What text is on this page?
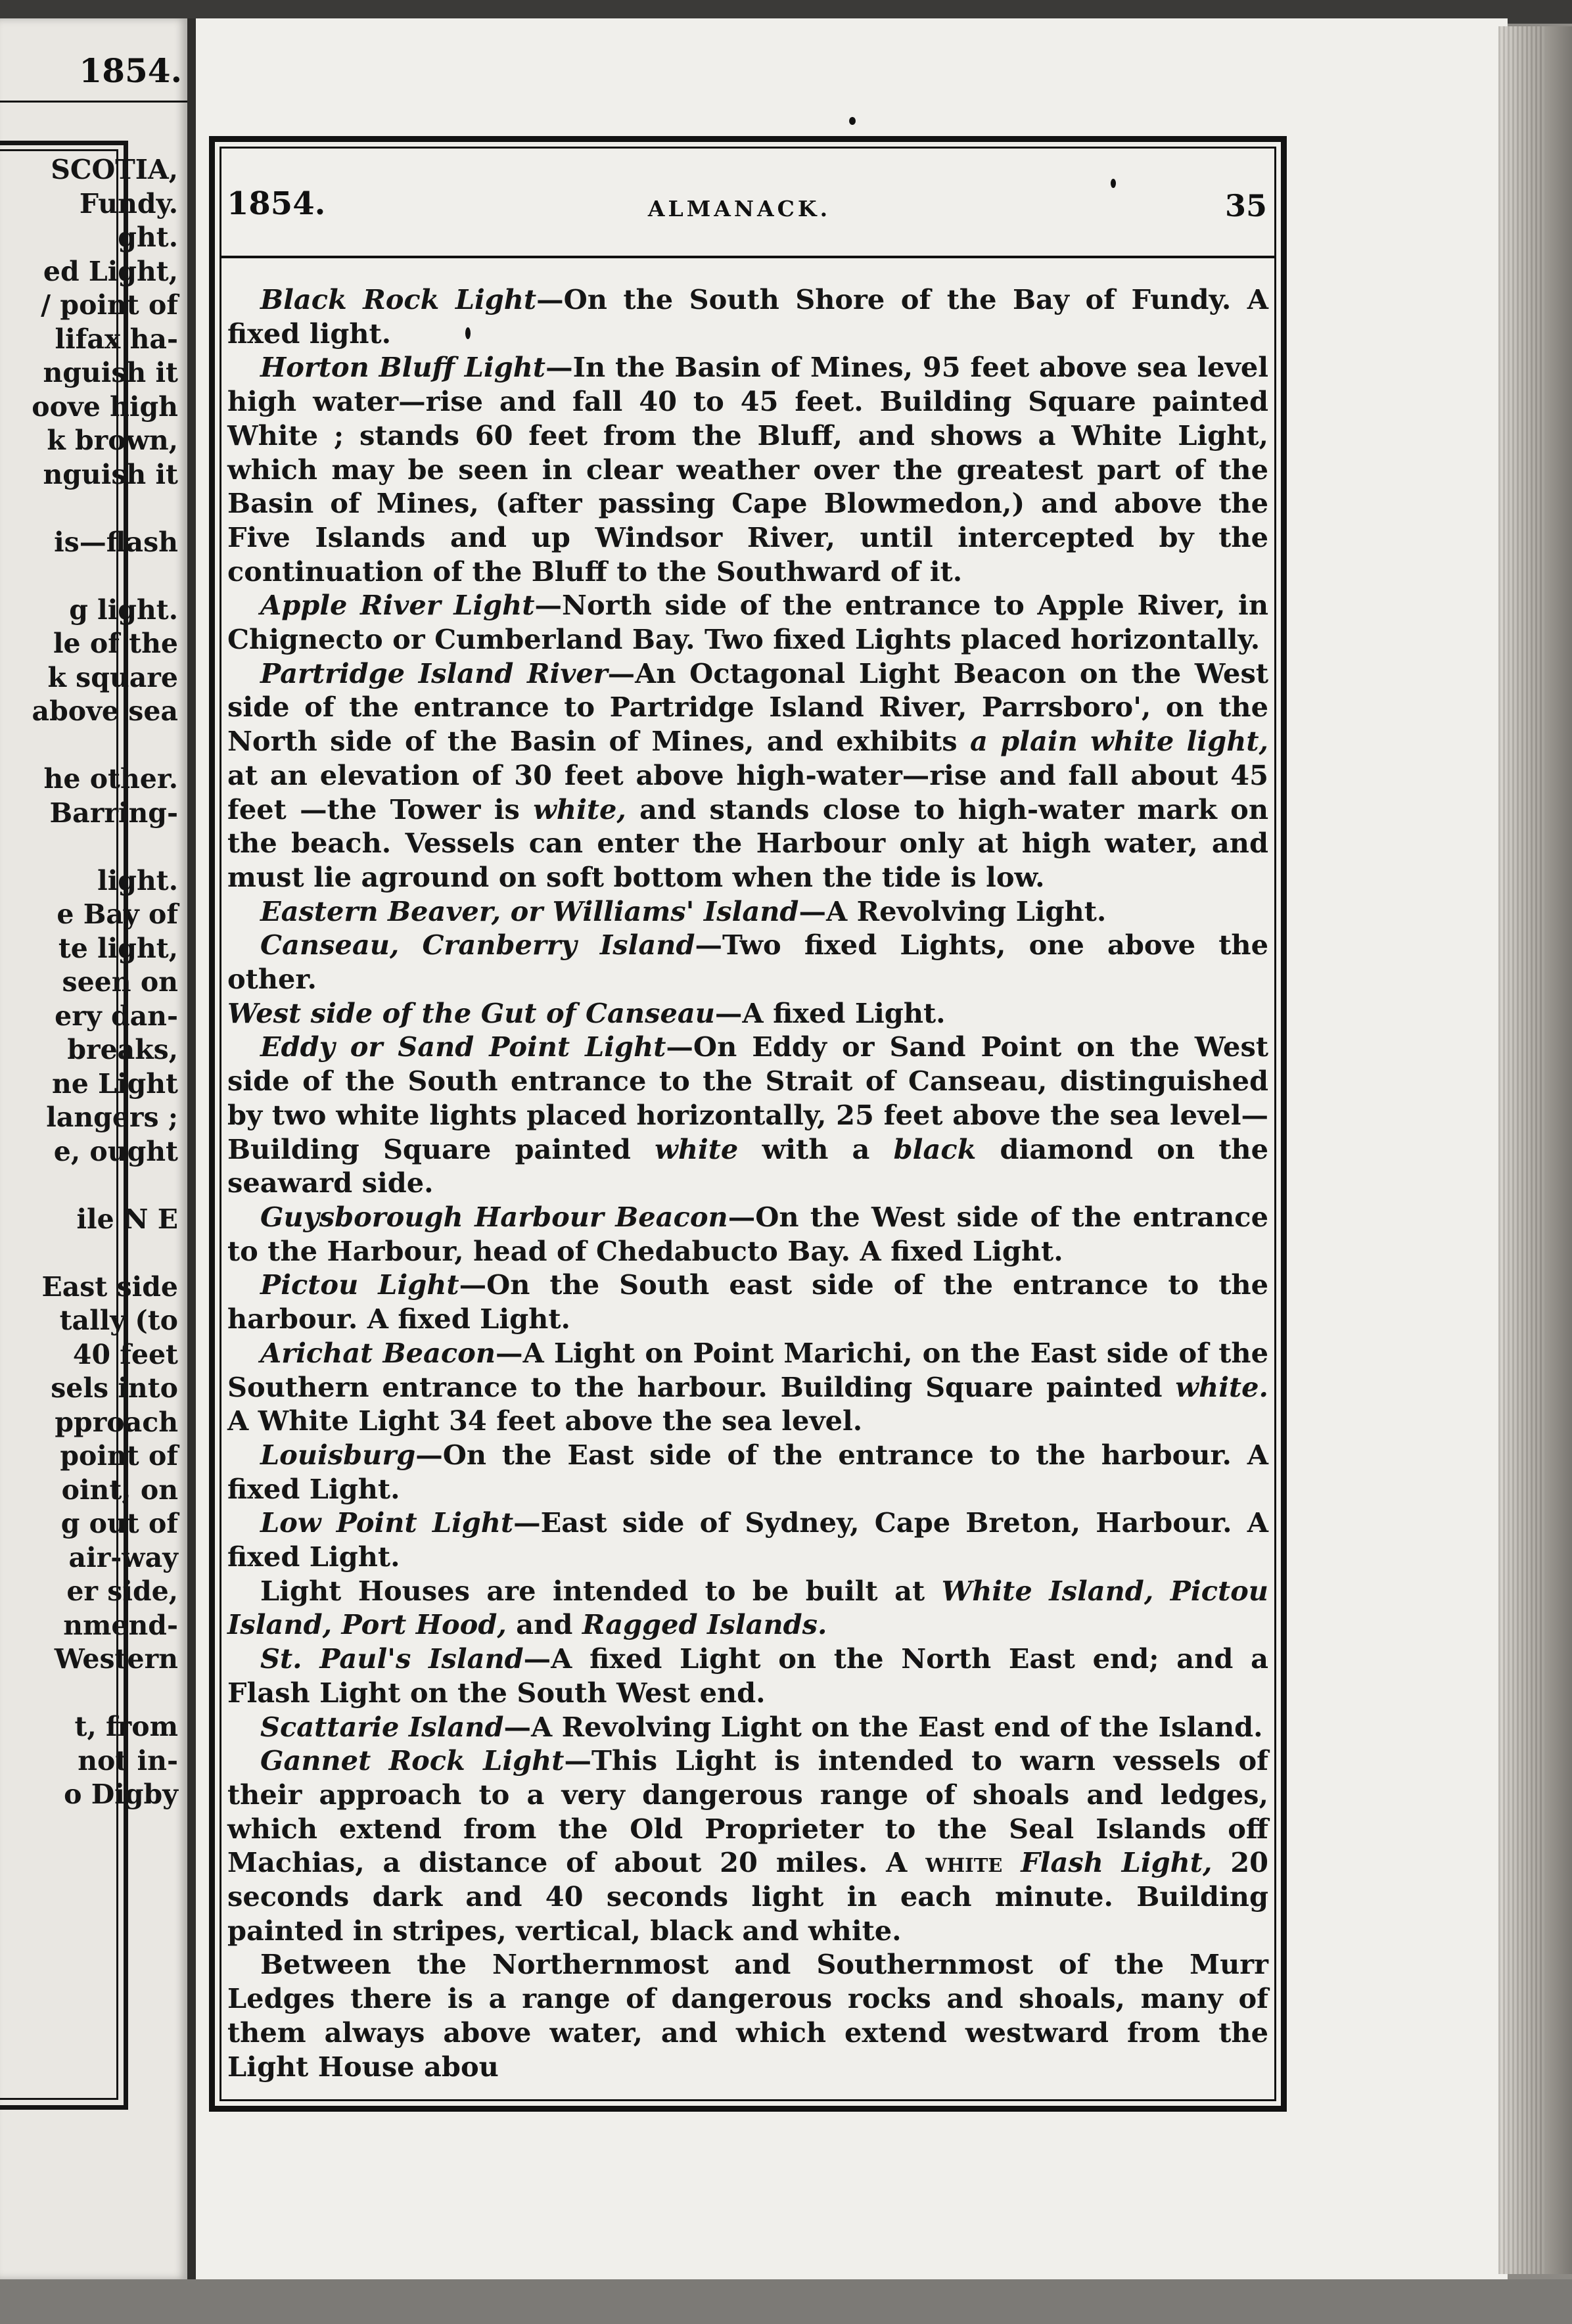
1854.
SCOTIA,
Fundy.
ght.
ed Light,
/ point of
lifax ha-
nguish it
oove high
k brown,
nguish it
is—flash
g light.
le of the
k square
above sea
he other.
Barring-
light.
e Bay of
te light,
seen on
ery dan-
breaks,
ne Light
langers ;
e, ought
ile N E
East side
tally (to
40 feet
sels into
pproach
point of
oint, on
g out of
air-way
er side,
nmend-
Western
t, from
not in-
o Digby
1854.	ALMANACK.	35

Black Rock Light—On the South Shore of the Bay of Fundy. A fixed light.

Horton Bluff Light—In the Basin of Mines, 95 feet above sea level high water—rise and fall 40 to 45 feet. Building Square painted White ; stands 60 feet from the Bluff, and shows a White Light, which may be seen in clear weather over the greatest part of the Basin of Mines, (after passing Cape Blowmedon,) and above the Five Islands and up Windsor River, until intercepted by the continuation of the Bluff to the Southward of it.

Apple River Light—North side of the entrance to Apple River, in Chignecto or Cumberland Bay. Two fixed Lights placed horizontally.

Partridge Island River—An Octagonal Light Beacon on the West side of the entrance to Partridge Island River, Parrsboro', on the North side of the Basin of Mines, and exhibits a plain white light, at an elevation of 30 feet above high-water—rise and fall about 45 feet —the Tower is white, and stands close to high-water mark on the beach. Vessels can enter the Harbour only at high water, and must lie aground on soft bottom when the tide is low.

Eastern Beaver, or Williams' Island—A Revolving Light.

Canseau, Cranberry Island—Two fixed Lights, one above the other.

West side of the Gut of Canseau—A fixed Light.

Eddy or Sand Point Light—On Eddy or Sand Point on the West side of the South entrance to the Strait of Canseau, distinguished by two white lights placed horizontally, 25 feet above the sea level—Building Square painted white with a black diamond on the seaward side.

Guysborough Harbour Beacon—On the West side of the entrance to the Harbour, head of Chedabucto Bay. A fixed Light.

Pictou Light—On the South east side of the entrance to the harbour. A fixed Light.

Arichat Beacon—A Light on Point Marichi, on the East side of the Southern entrance to the harbour. Building Square painted white. A White Light 34 feet above the sea level.

Louisburg—On the East side of the entrance to the harbour. A fixed Light.

Low Point Light—East side of Sydney, Cape Breton, Harbour. A fixed Light.

Light Houses are intended to be built at White Island, Pictou Island, Port Hood, and Ragged Islands.

St. Paul's Island—A fixed Light on the North East end; and a Flash Light on the South West end.

Scattarie Island—A Revolving Light on the East end of the Island.

Gannet Rock Light—This Light is intended to warn vessels of their approach to a very dangerous range of shoals and ledges, which extend from the Old Proprieter to the Seal Islands off Machias, a distance of about 20 miles. A white Flash Light, 20 seconds dark and 40 seconds light in each minute. Building painted in stripes, vertical, black and white.

Between the Northernmost and Southernmost of the Murr Ledges there is a range of dangerous rocks and shoals, many of them always above water, and which extend westward from the Light House abou
